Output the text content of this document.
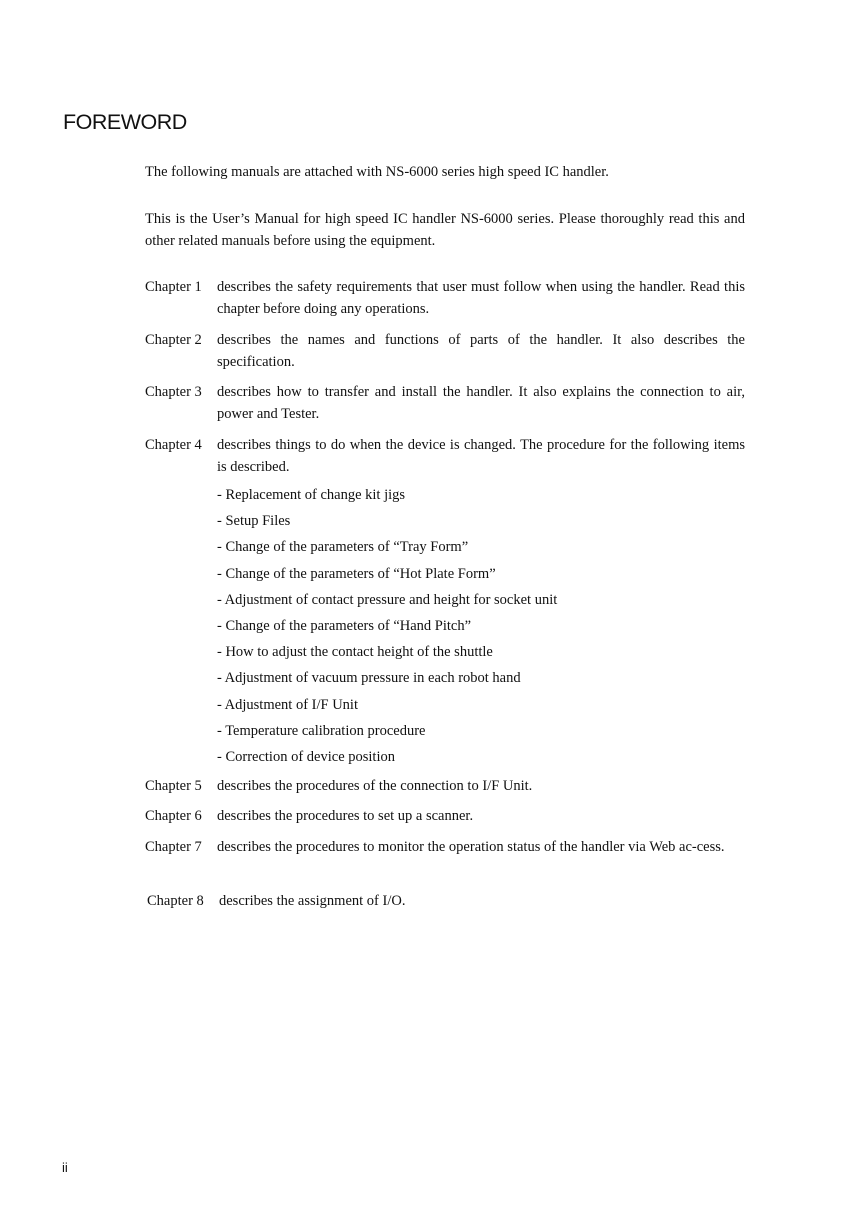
FOREWORD

The following manuals are attached with NS-6000 series high speed IC handler.

This is the User’s Manual for high speed IC handler NS-6000 series. Please thoroughly read this and other related manuals before using the equipment.

Chapter 1 describes the safety requirements that user must follow when using the handler. Read this chapter before doing any operations.
Chapter 2 describes the names and functions of parts of the handler. It also describes the specification.
Chapter 3 describes how to transfer and install the handler. It also explains the connection to air, power and Tester.
Chapter 4 describes things to do when the device is changed. The procedure for the following items is described.
- Replacement of change kit jigs
- Setup Files
- Change of the parameters of “Tray Form”
- Change of the parameters of “Hot Plate Form”
- Adjustment of contact pressure and height for socket unit
- Change of the parameters of “Hand Pitch”
- How to adjust the contact height of the shuttle
- Adjustment of vacuum pressure in each robot hand
- Adjustment of I/F Unit
- Temperature calibration procedure
- Correction of device position
Chapter 5 describes the procedures of the connection to I/F Unit.
Chapter 6 describes the procedures to set up a scanner.
Chapter 7 describes the procedures to monitor the operation status of the handler via Web ac-cess.
Chapter 8 describes the assignment of I/O.
ii
